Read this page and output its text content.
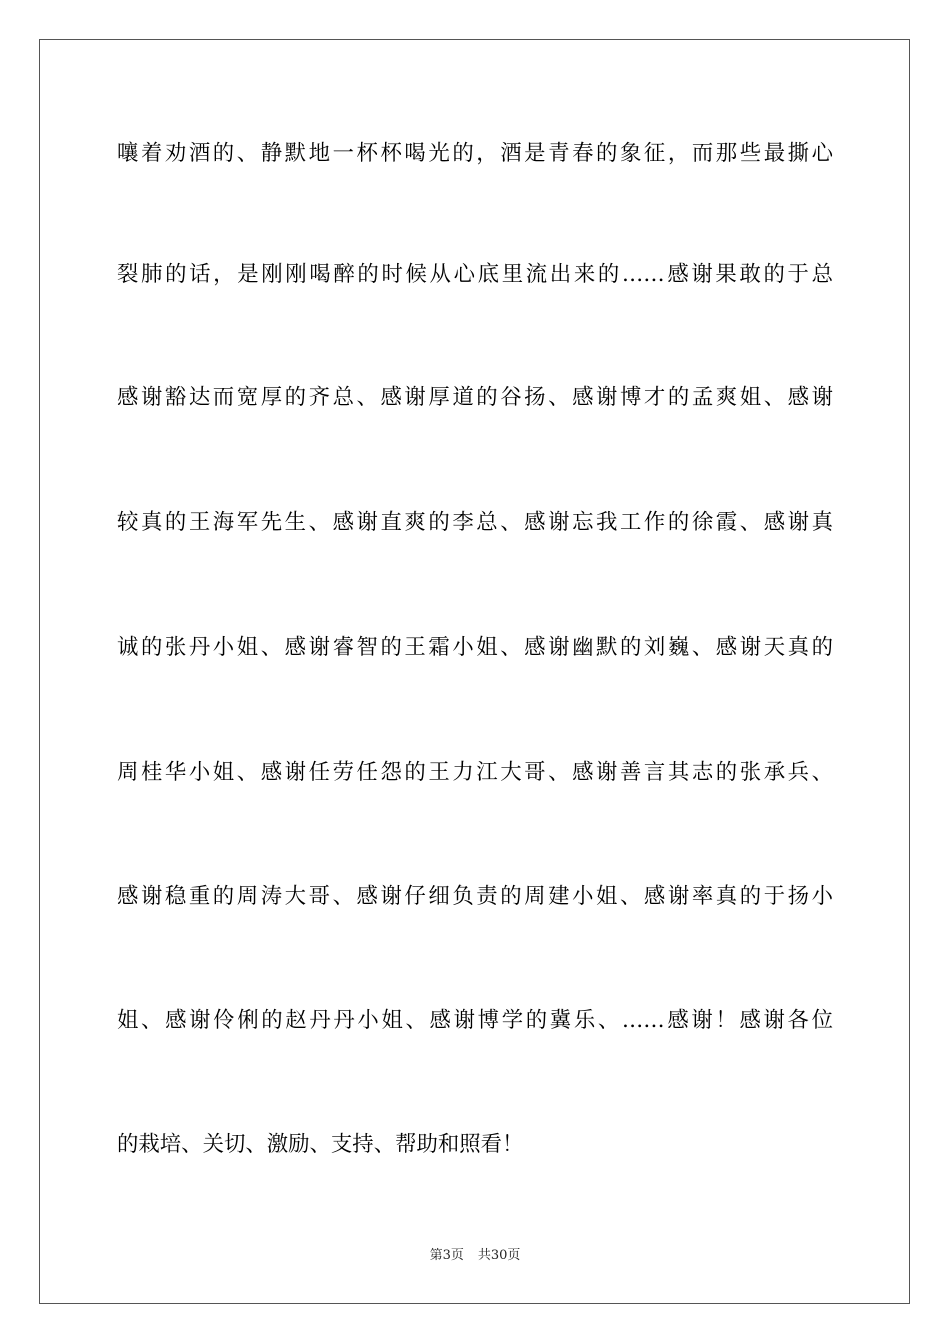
嚷着劝酒的、静默地一杯杯喝光的，酒是青春的象征，而那些最撕心
裂肺的话，是刚刚喝醉的时候从心底里流出来的……感谢果敢的于总
感谢豁达而宽厚的齐总、感谢厚道的谷扬、感谢博才的孟爽姐、感谢
较真的王海军先生、感谢直爽的李总、感谢忘我工作的徐霞、感谢真
诚的张丹小姐、感谢睿智的王霜小姐、感谢幽默的刘巍、感谢天真的
周桂华小姐、感谢任劳任怨的王力江大哥、感谢善言其志的张承兵、
感谢稳重的周涛大哥、感谢仔细负责的周建小姐、感谢率真的于扬小
姐、感谢伶俐的赵丹丹小姐、感谢博学的冀乐、……感谢！感谢各位
的栽培、关切、激励、支持、帮助和照看！
第3页 共30页
